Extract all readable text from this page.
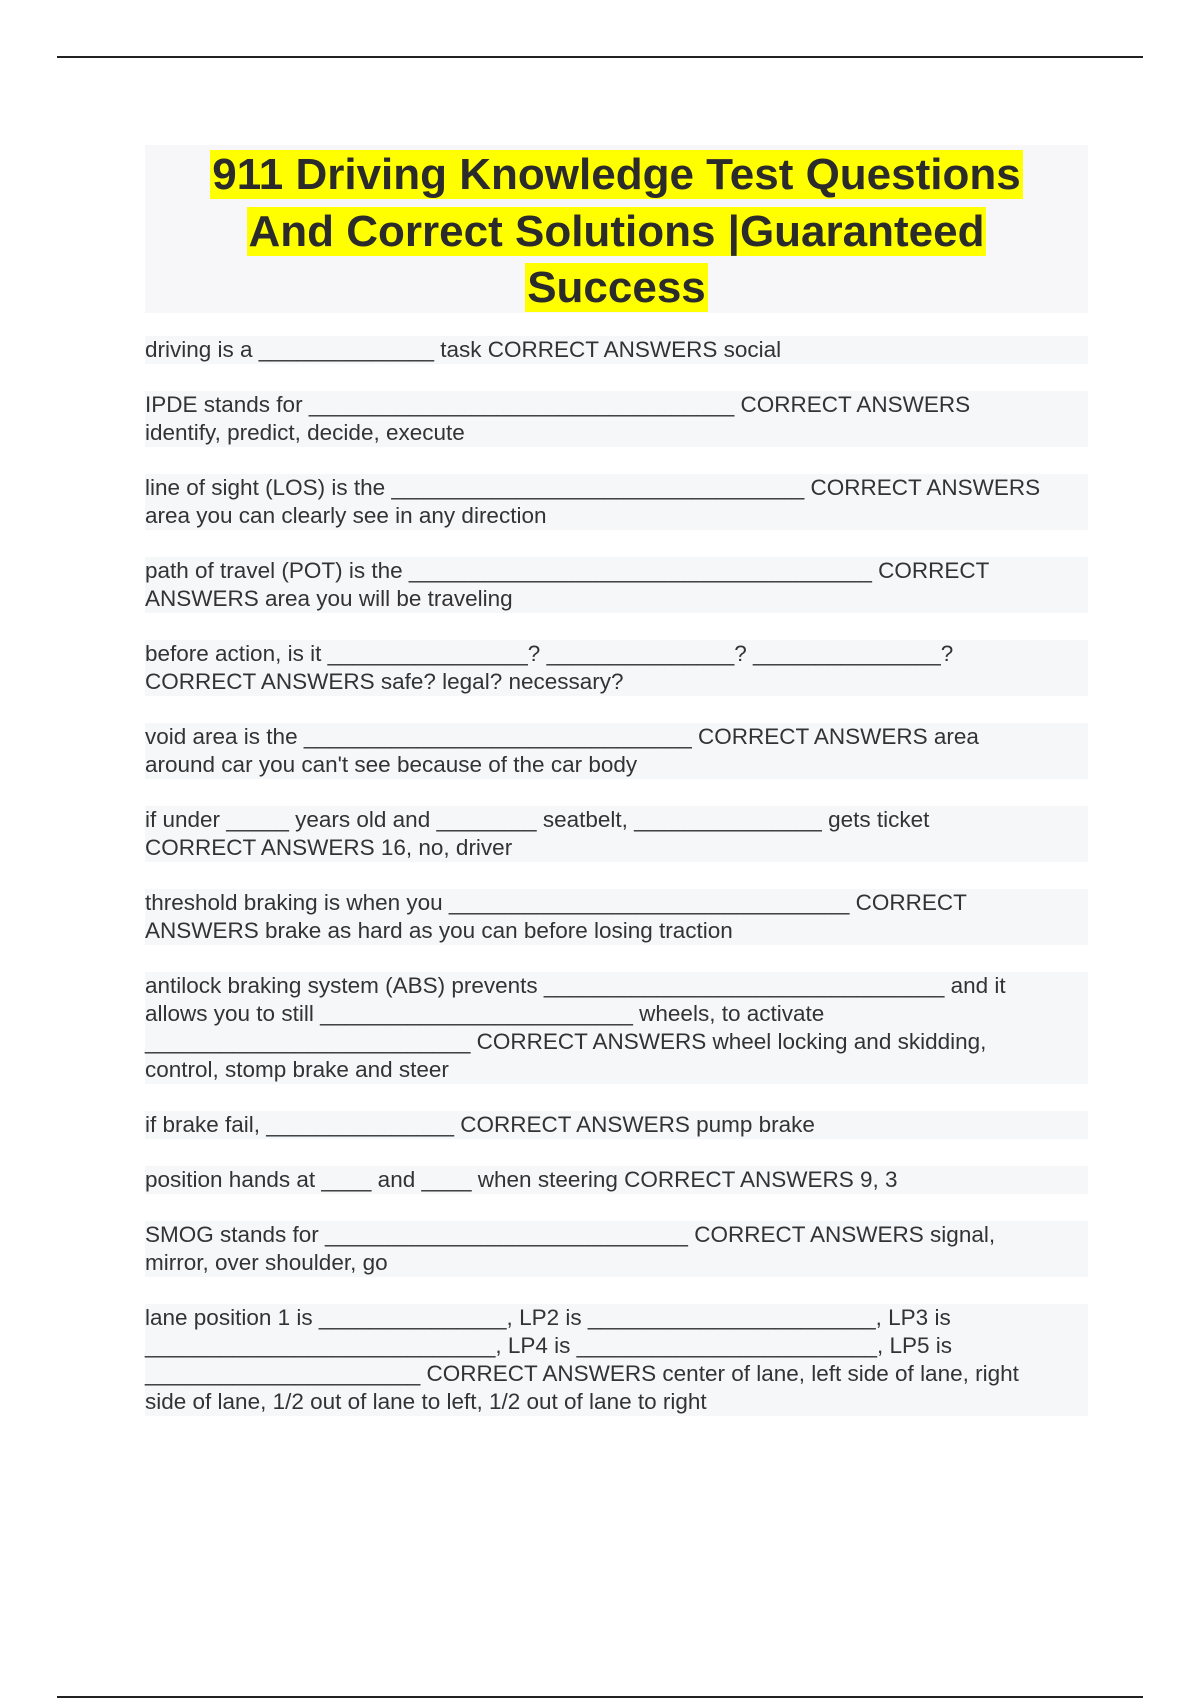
911 Driving Knowledge Test Questions
And Correct Solutions |Guaranteed
Success

driving is a ______________ task CORRECT ANSWERS social

IPDE stands for __________________________________ CORRECT ANSWERS
identify, predict, decide, execute

line of sight (LOS) is the _________________________________ CORRECT ANSWERS
area you can clearly see in any direction

path of travel (POT) is the _____________________________________ CORRECT
ANSWERS area you will be traveling

before action, is it ________________? _______________? _______________?
CORRECT ANSWERS safe? legal? necessary?

void area is the _______________________________ CORRECT ANSWERS area
around car you can't see because of the car body

if under _____ years old and ________ seatbelt, _______________ gets ticket
CORRECT ANSWERS 16, no, driver

threshold braking is when you ________________________________ CORRECT
ANSWERS brake as hard as you can before losing traction

antilock braking system (ABS) prevents ________________________________ and it
allows you to still _________________________ wheels, to activate
__________________________ CORRECT ANSWERS wheel locking and skidding,
control, stomp brake and steer

if brake fail, _______________ CORRECT ANSWERS pump brake

position hands at ____ and ____ when steering CORRECT ANSWERS 9, 3

SMOG stands for _____________________________ CORRECT ANSWERS signal,
mirror, over shoulder, go

lane position 1 is _______________, LP2 is _______________________, LP3 is
____________________________, LP4 is ________________________, LP5 is
______________________ CORRECT ANSWERS center of lane, left side of lane, right
side of lane, 1/2 out of lane to left, 1/2 out of lane to right
